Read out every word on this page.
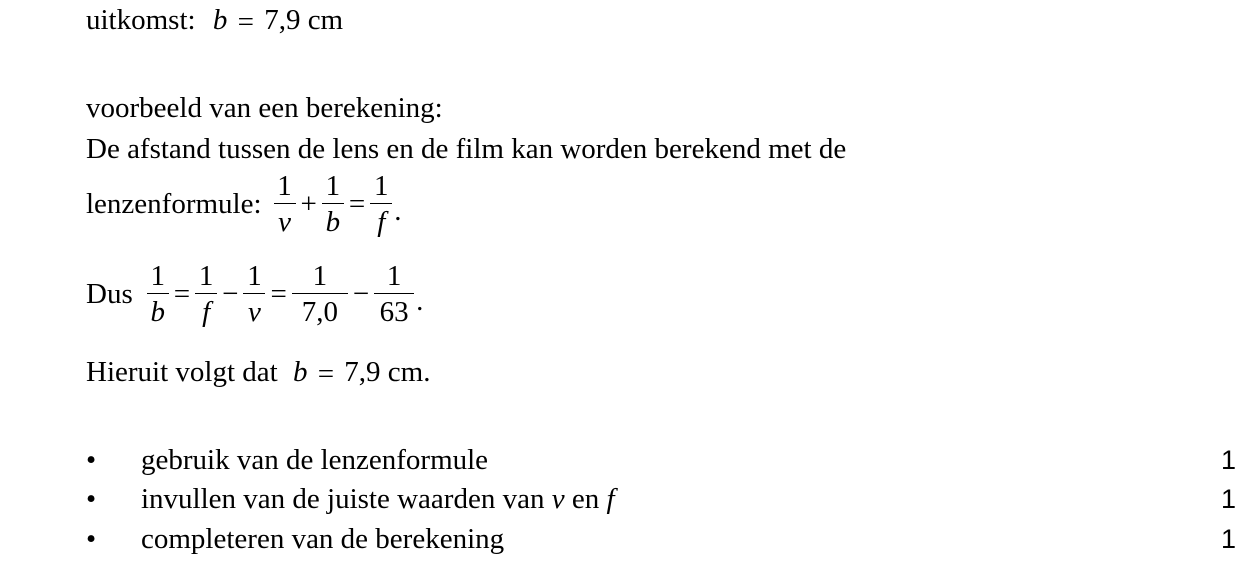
uitkomst: b = 7,9 cm
voorbeeld van een berekening:
De afstand tussen de lens en de film kan worden berekend met de
lenzenformule: $\frac{1}{v} + \frac{1}{b} = \frac{1}{f}$ .
Dus $\frac{1}{b} = \frac{1}{f} - \frac{1}{v} = \frac{1}{7,0} - \frac{1}{63}$ .
Hieruit volgt dat b = 7,9 cm.
• gebruik van de lenzenformule	1
• invullen van de juiste waarden van v en f	1
• completeren van de berekening	1
